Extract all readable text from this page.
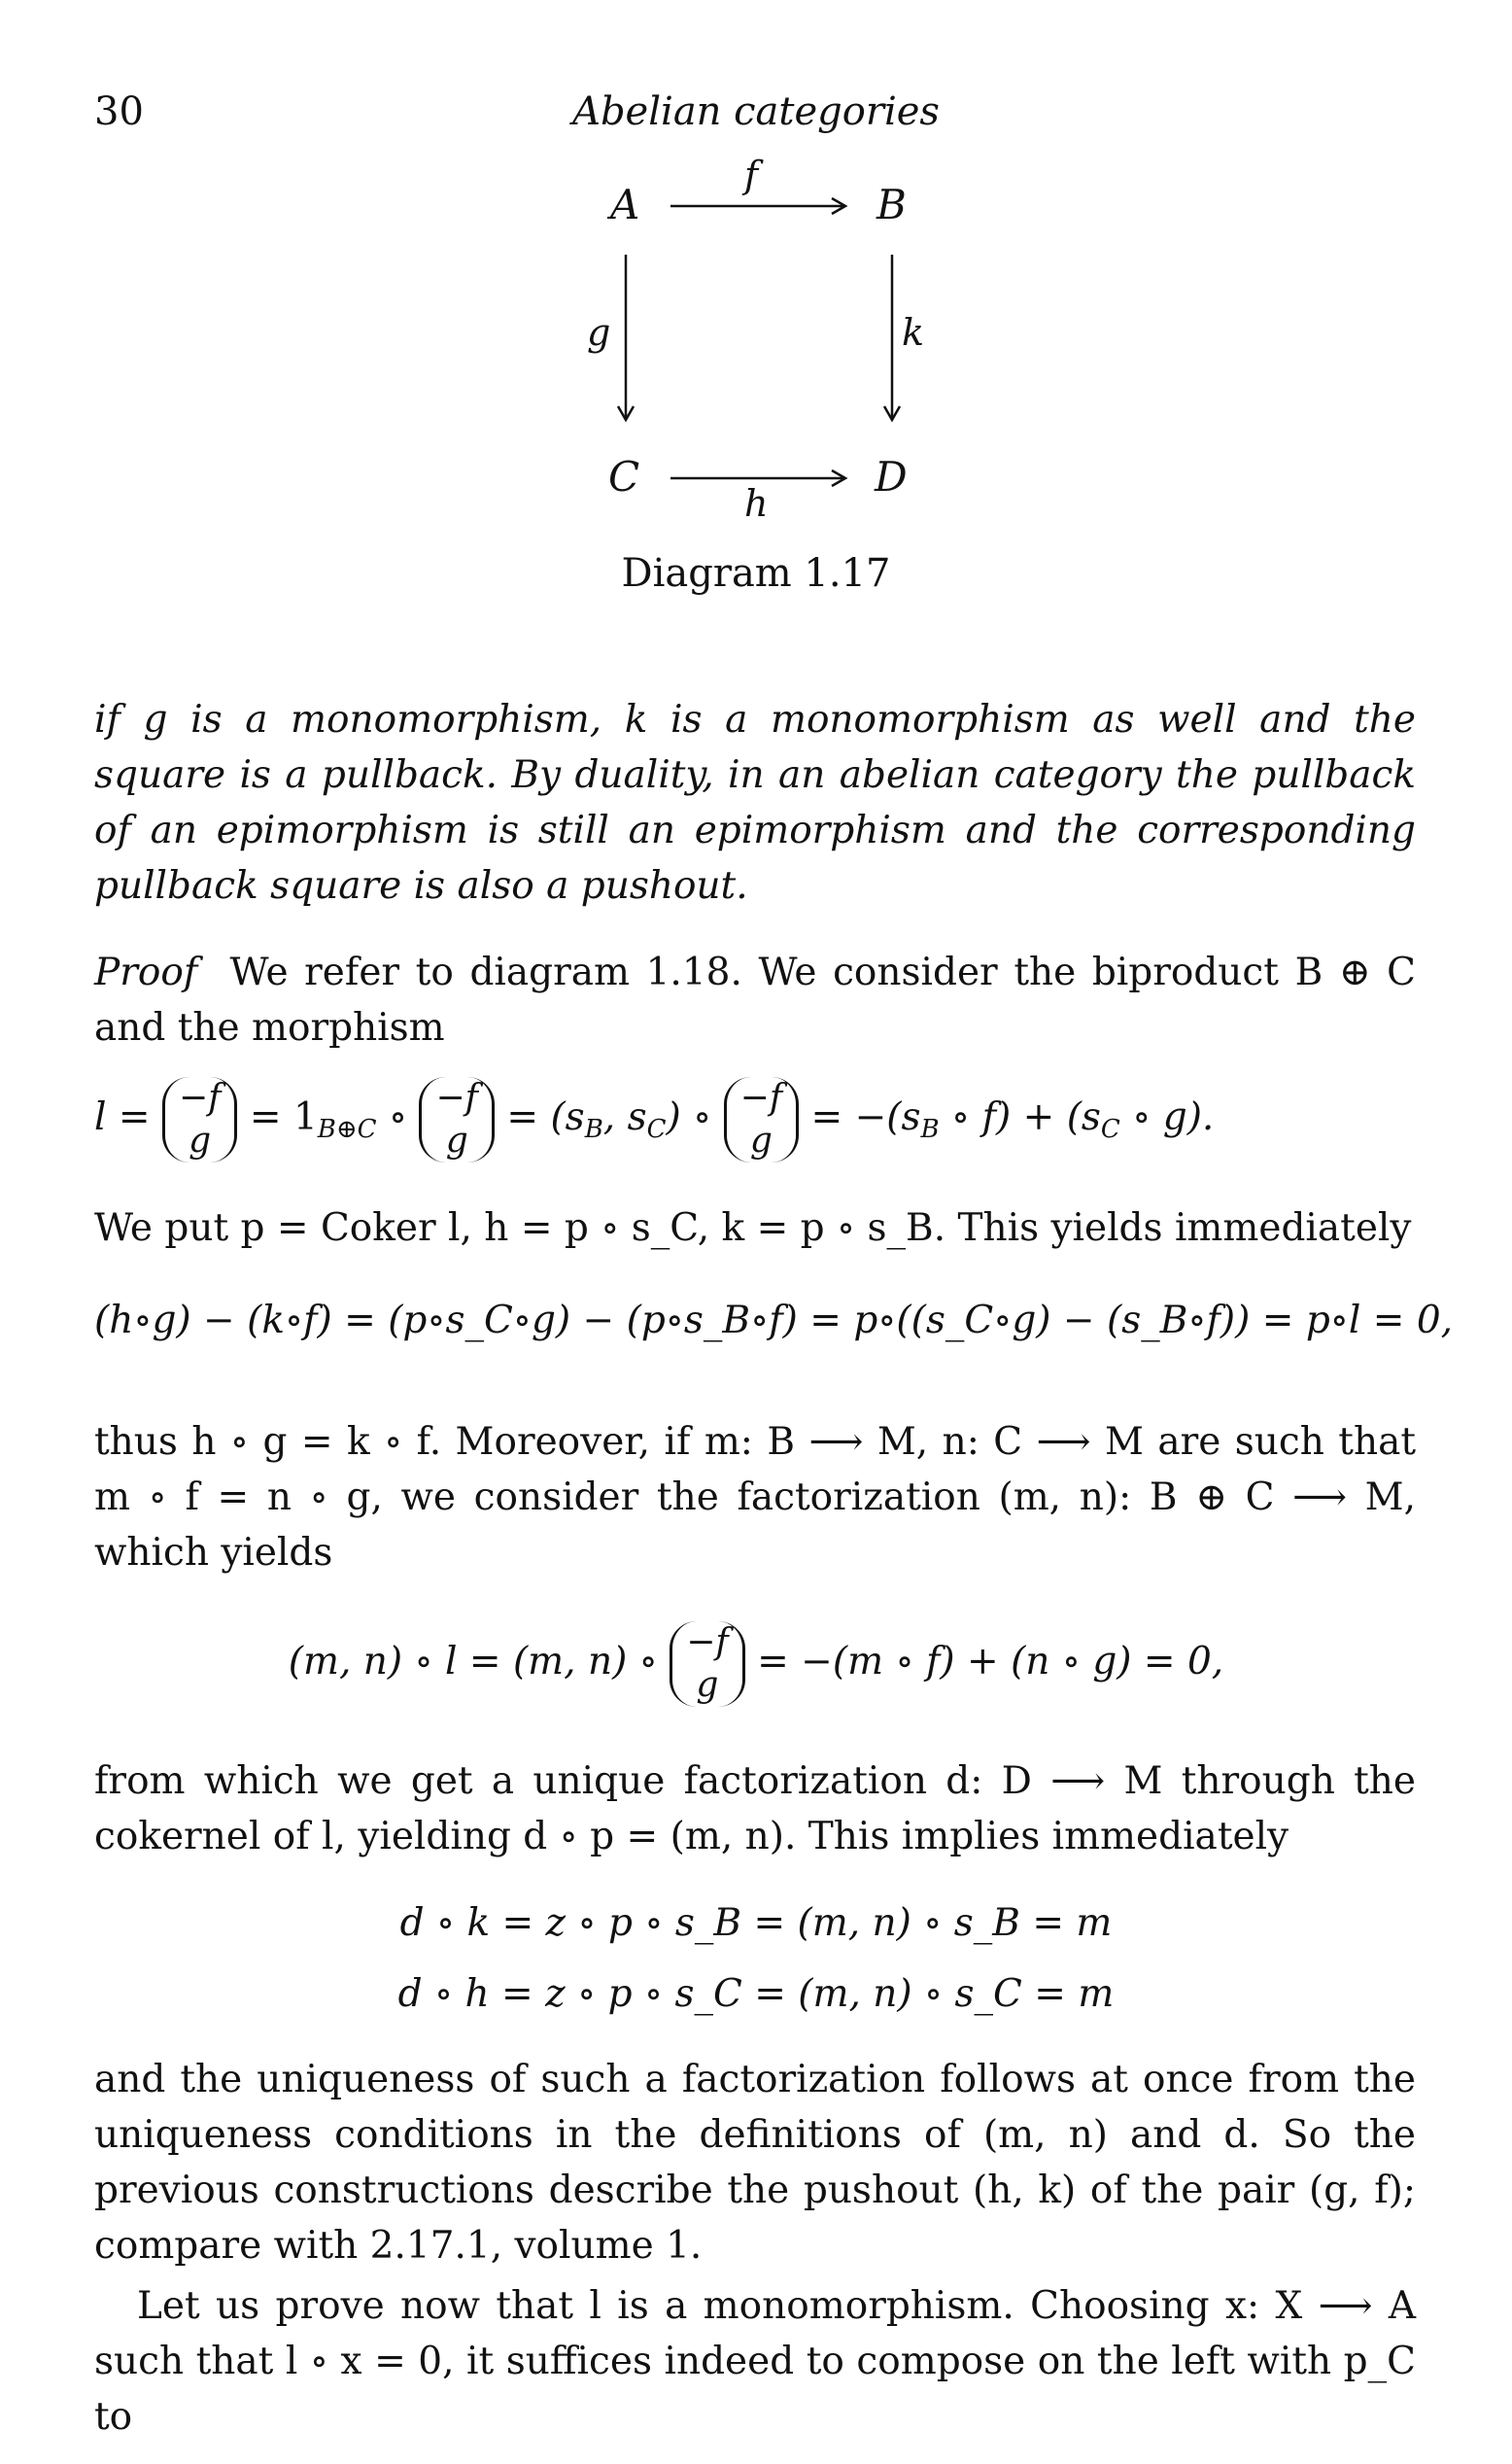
30	Abelian categories
A	B
C	D
f
g	k
h
Diagram 1.17
if g is a monomorphism, k is a monomorphism as well and the square is a pullback. By duality, in an abelian category the pullback of an epimorphism is still an epimorphism and the corresponding pullback square is also a pushout.
Proof We refer to diagram 1.18. We consider the biproduct B ⊕ C and the morphism
l = −f
$g = 1_{B\oplus C}$ ∘ −f
$g = (s_B$, $s_C$) ∘ −f
$g = -(s_B$ ∘ $f) + (s_C$ ∘ g).
We put p = Coker l, h = p ∘ s_C, k = p ∘ s_B. This yields immediately
(h∘g) − (k∘f) = (p∘s_C∘g) − (p∘s_B∘f) = p∘((s_C∘g) − (s_B∘f)) = p∘l = 0,
thus h ∘ g = k ∘ f. Moreover, if m: B ⟶ M, n: C ⟶ M are such that m ∘ f = n ∘ g, we consider the factorization (m, n): B ⊕ C ⟶ M, which yields
(m, n) ∘ l = (m, n) ∘ −f
g = −(m ∘ f) + (n ∘ g) = 0,
from which we get a unique factorization d: D ⟶ M through the cokernel of l, yielding d ∘ p = (m, n). This implies immediately
d ∘ k = z ∘ p ∘ s_B = (m, n) ∘ s_B = m
d ∘ h = z ∘ p ∘ s_C = (m, n) ∘ s_C = m
and the uniqueness of such a factorization follows at once from the uniqueness conditions in the definitions of (m, n) and d. So the previous constructions describe the pushout (h, k) of the pair (g, f); compare with 2.17.1, volume 1.
Let us prove now that l is a monomorphism. Choosing x: X ⟶ A such that l ∘ x = 0, it suffices indeed to compose on the left with p_C to
